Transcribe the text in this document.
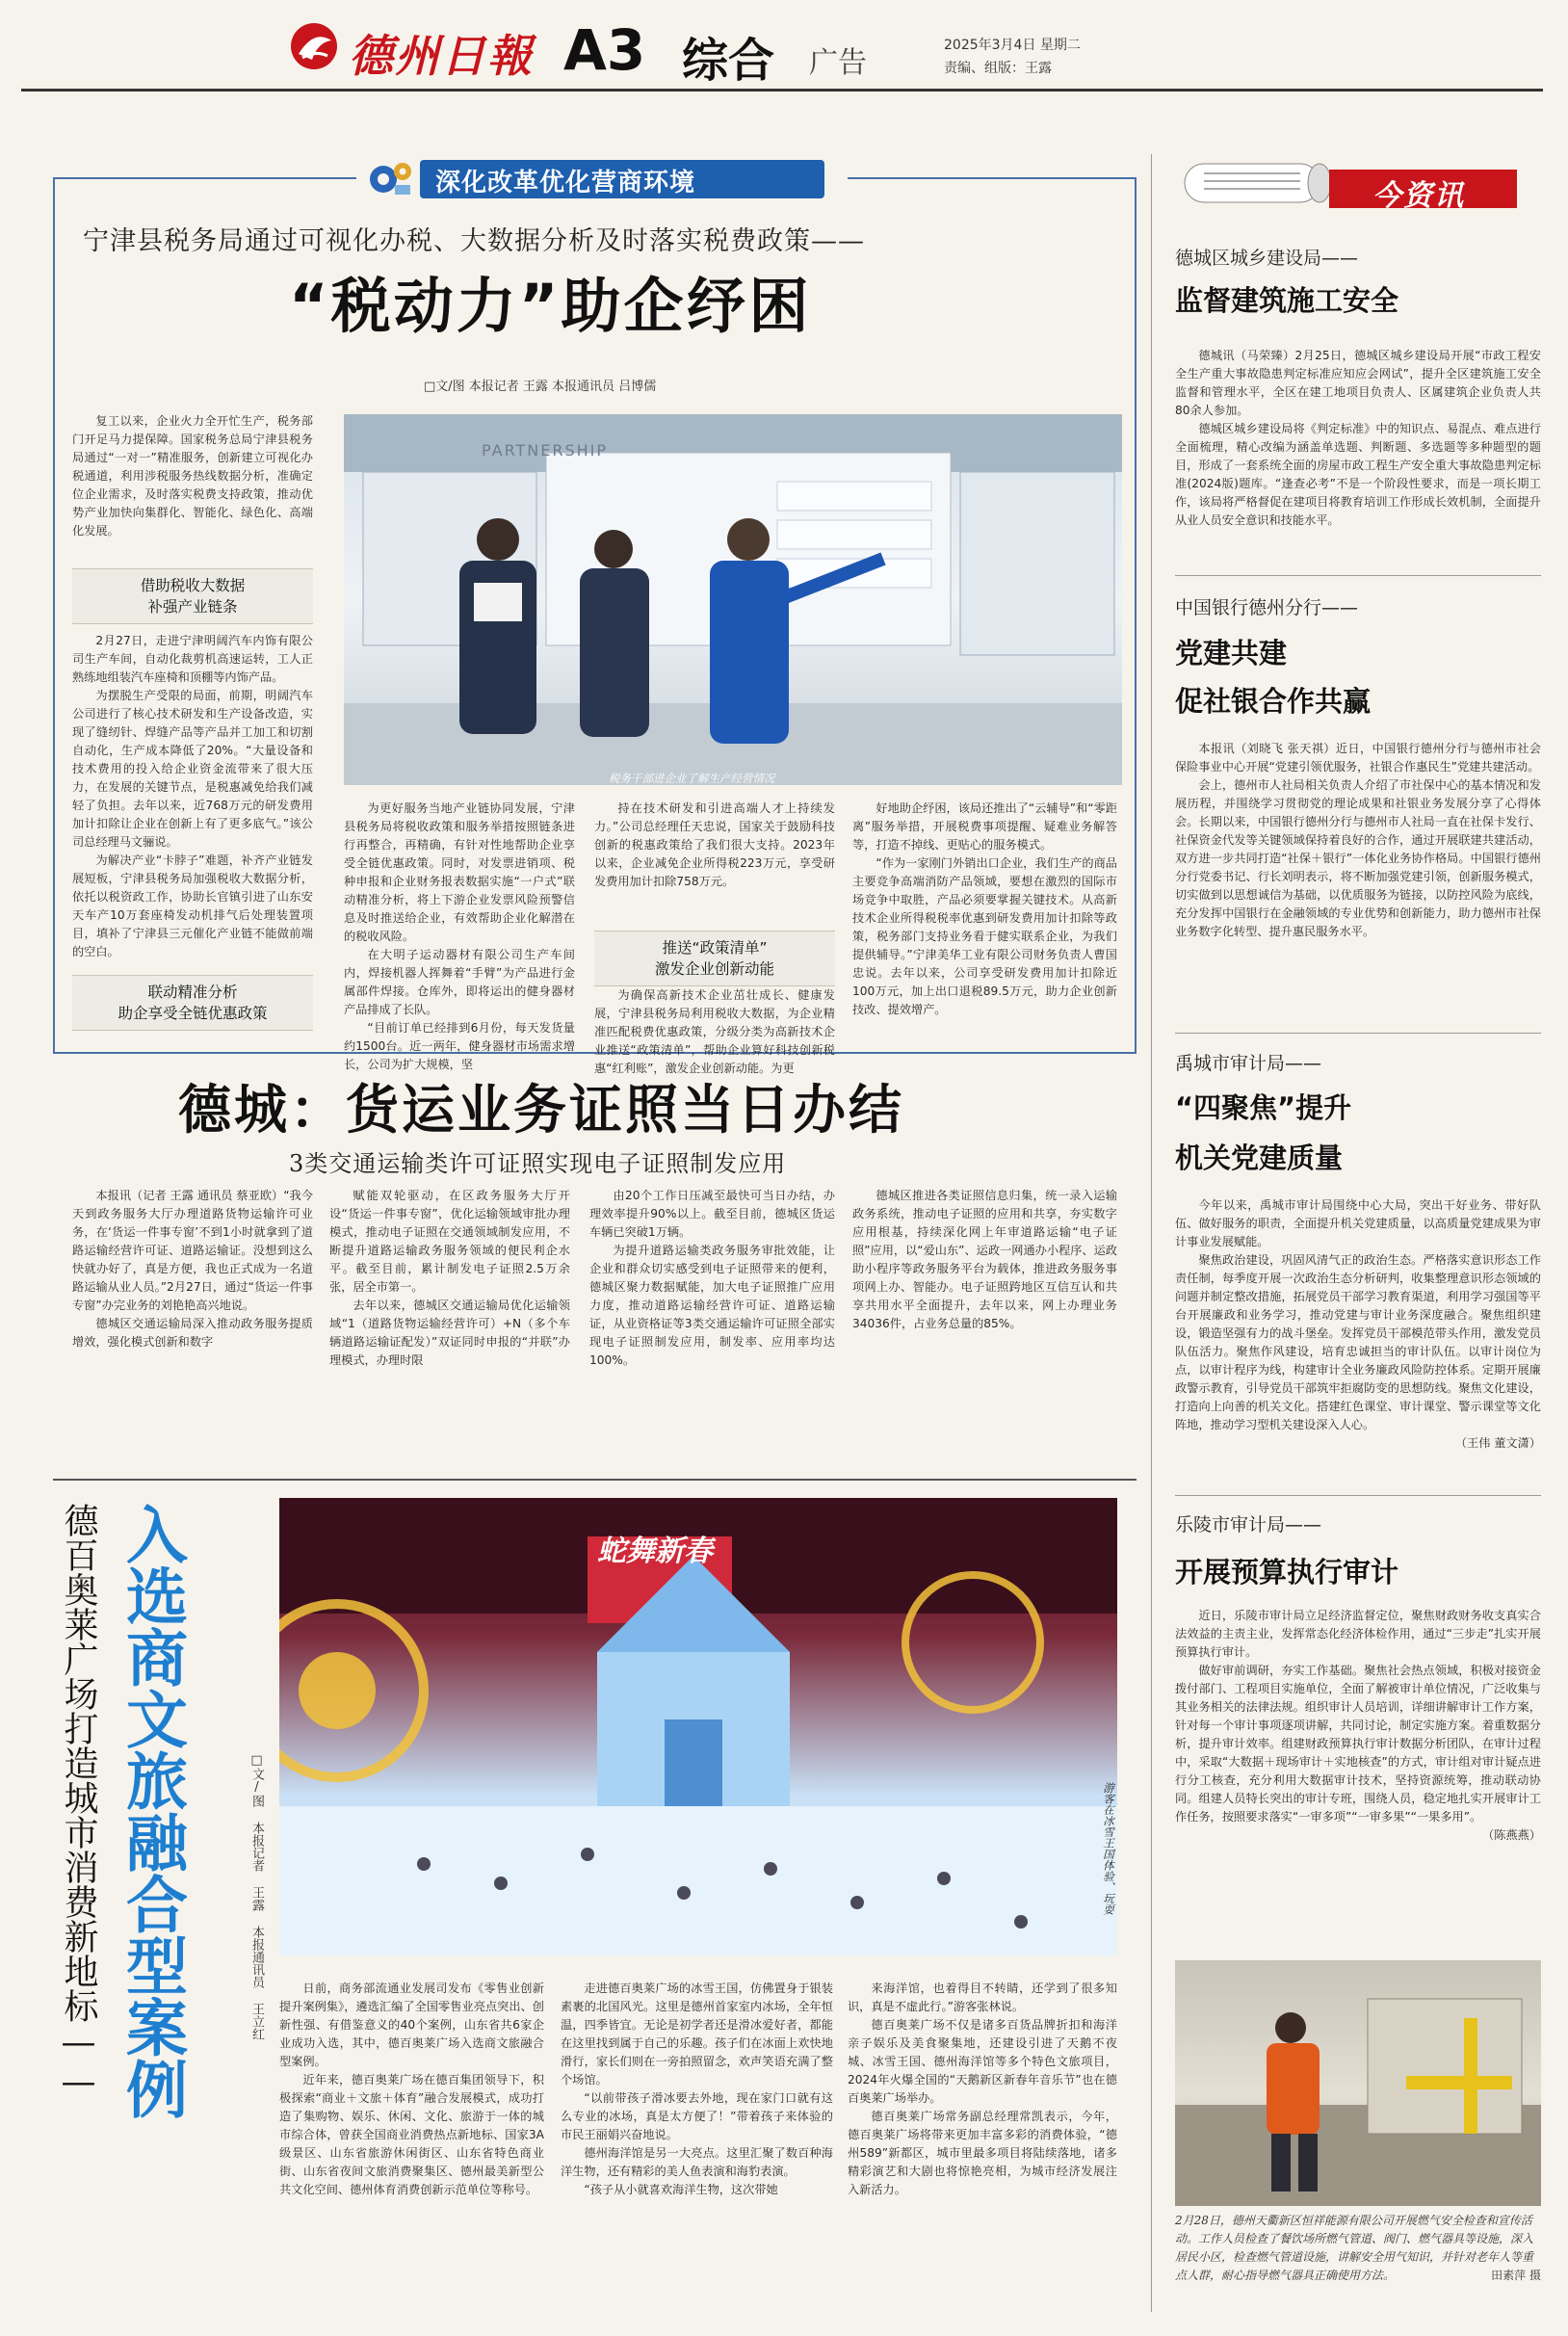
德州日報 A3 综合 广告
2025年3月4日 星期二
责编、组版：王露
深化改革优化营商环境
宁津县税务局通过可视化办税、大数据分析及时落实税费政策——
“税动力”助企纾困
□文/图 本报记者 王露 本报通讯员 吕博儒

复工以来，企业火力全开忙生产，税务部门开足马力提保障。国家税务总局宁津县税务局通过“一对一”精准服务，创新建立可视化办税通道，利用涉税服务热线数据分析，准确定位企业需求，及时落实税费支持政策，推动优势产业加快向集群化、智能化、绿色化、高端化发展。

借助税收大数据
补强产业链条

2月27日，走进宁津明阔汽车内饰有限公司生产车间，自动化裁剪机高速运转，工人正熟练地组装汽车座椅和顶棚等内饰产品。

为摆脱生产受限的局面，前期，明阔汽车公司进行了核心技术研发和生产设备改造，实现了缝纫针、焊缝产品等产品并工加工和切割自动化，生产成本降低了20%。“大量设备和技术费用的投入给企业资金流带来了很大压力，在发展的关键节点，是税惠减免给我们减轻了负担。去年以来，近768万元的研发费用加计扣除让企业在创新上有了更多底气。”该公司总经理马文骊说。

为解决产业“卡脖子”难题，补齐产业链发展短板，宁津县税务局加强税收大数据分析，依托以税资政工作，协助长官镇引进了山东安天车产10万套座椅发动机排气后处理装置项目，填补了宁津县三元催化产业链不能做前端的空白。

联动精准分析
助企享受全链优惠政策
PARTNERSHIP
税务干部进企业了解生产经营情况

为更好服务当地产业链协同发展，宁津县税务局将税收政策和服务举措按照链条进行再整合，再精确，有针对性地帮助企业享受全链优惠政策。同时，对发票进销项、税种申报和企业财务报表数据实施“一户式”联动精准分析，将上下游企业发票风险预警信息及时推送给企业，有效帮助企业化解潜在的税收风险。

在大明子运动器材有限公司生产车间内，焊接机器人挥舞着“手臂”为产品进行金属部件焊接。仓库外，即将运出的健身器材产品排成了长队。

“目前订单已经排到6月份，每天发货量约1500台。近一两年，健身器材市场需求增长，公司为扩大规模，坚

持在技术研发和引进高端人才上持续发力。”公司总经理任天忠说，国家关于鼓励科技创新的税惠政策给了我们很大支持。2023年以来，企业减免企业所得税223万元，享受研发费用加计扣除758万元。

推送“政策清单”
激发企业创新动能

为确保高新技术企业茁壮成长、健康发展，宁津县税务局利用税收大数据，为企业精准匹配税费优惠政策，分级分类为高新技术企业推送“政策清单”，帮助企业算好科技创新税惠“红利账”，激发企业创新动能。为更

好地助企纾困，该局还推出了“云辅导”和“零距离”服务举措，开展税费事项提醒、疑难业务解答等，打造不掉线、更贴心的服务模式。

“作为一家刚门外销出口企业，我们生产的商品主要竞争高端消防产品领域，要想在激烈的国际市场竞争中取胜，产品必须要掌握关键技术。从高新技术企业所得税税率优惠到研发费用加计扣除等政策，税务部门支持业务看于健实联系企业，为我们提供辅导。”宁津美华工业有限公司财务负责人曹国忠说。去年以来，公司享受研发费用加计扣除近100万元，加上出口退税89.5万元，助力企业创新技改、提效增产。

德城：货运业务证照当日办结
3类交通运输类许可证照实现电子证照制发应用

本报讯（记者 王露 通讯员 蔡亚欧）“我今天到政务服务大厅办理道路货物运输许可业务，在‘货运一件事专窗’不到1小时就拿到了道路运输经营许可证、道路运输证。没想到这么快就办好了，真是方便，我也正式成为一名道路运输从业人员。”2月27日，通过“货运一件事专窗”办完业务的刘艳艳高兴地说。

德城区交通运输局深入推动政务服务提质增效，强化模式创新和数字

赋能双轮驱动，在区政务服务大厅开设“货运一件事专窗”，优化运输领域审批办理模式，推动电子证照在交通领域制发应用，不断提升道路运输政务服务领域的便民利企水平。截至目前，累计制发电子证照2.5万余张，居全市第一。

去年以来，德城区交通运输局优化运输领域“1（道路货物运输经营许可）+N（多个车辆道路运输证配发）”双证同时申报的“并联”办理模式，办理时限

由20个工作日压减至最快可当日办结，办理效率提升90%以上。截至目前，德城区货运车辆已突破1万辆。

为提升道路运输类政务服务审批效能，让企业和群众切实感受到电子证照带来的便利，德城区聚力数据赋能，加大电子证照推广应用力度，推动道路运输经营许可证、道路运输证，从业资格证等3类交通运输许可证照全部实现电子证照制发应用，制发率、应用率均达100%。

德城区推进各类证照信息归集，统一录入运输政务系统，推动电子证照的应用和共享，夯实数字应用根基，持续深化网上年审道路运输“电子证照”应用，以“爱山东”、运政一网通办小程序、运政助小程序等政务服务平台为载体，推进政务服务事项网上办、智能办。电子证照跨地区互信互认和共享共用水平全面提升，去年以来，网上办理业务34036件，占业务总量的85%。

德百奥莱广场打造城市消费新地标—— 入选商文旅融合型案例	□文/图 本报记者 王露 本报通讯员 王立红
蛇舞新春
游客在冰雪王国体验、玩耍

日前，商务部流通业发展司发布《零售业创新提升案例集》，遴选汇编了全国零售业亮点突出、创新性强、有借鉴意义的40个案例，山东省共6家企业成功入选，其中，德百奥莱广场入选商文旅融合型案例。

近年来，德百奥莱广场在德百集团领导下，积极探索“商业＋文旅＋体育”融合发展模式，成功打造了集购物、娱乐、休闲、文化、旅游于一体的城市综合体，曾获全国商业消费热点新地标、国家3A级景区、山东省旅游休闲街区、山东省特色商业街、山东省夜间文旅消费聚集区、德州最美新型公共文化空间、德州体育消费创新示范单位等称号。

走进德百奥莱广场的冰雪王国，仿佛置身于银装素裹的北国风光。这里是德州首家室内冰场，全年恒温，四季皆宜。无论是初学者还是滑冰爱好者，都能在这里找到属于自己的乐趣。孩子们在冰面上欢快地滑行，家长们则在一旁拍照留念，欢声笑语充满了整个场馆。

“以前带孩子滑冰要去外地，现在家门口就有这么专业的冰场，真是太方便了！”带着孩子来体验的市民王丽娟兴奋地说。

德州海洋馆是另一大亮点。这里汇聚了数百种海洋生物，还有精彩的美人鱼表演和海豹表演。

“孩子从小就喜欢海洋生物，这次带她

来海洋馆，也着得目不转睛，还学到了很多知识，真是不虚此行。”游客张林说。

德百奥莱广场不仅是诸多百货品牌折扣和海洋亲子娱乐及美食聚集地，还建设引进了天鹅不夜城、冰雪王国、德州海洋馆等多个特色文旅项目，2024年火爆全国的“天鹅新区新春年音乐节”也在德百奥莱广场举办。

德百奥莱广场常务副总经理常凯表示，今年，德百奥莱广场将带来更加丰富多彩的消费体验，“德州589”新都区，城市里最多项目将陆续落地，诸多精彩演艺和大剧也将惊艳亮相，为城市经济发展注入新活力。

今资讯
德城区城乡建设局——
监督建筑施工安全

德城讯（马荣臻）2月25日，德城区城乡建设局开展“市政工程安全生产重大事故隐患判定标准应知应会网试”，提升全区建筑施工安全监督和管理水平，全区在建工地项目负责人、区属建筑企业负责人共80余人参加。

德城区城乡建设局将《判定标准》中的知识点、易混点、难点进行全面梳理，精心改编为涵盖单选题、判断题、多选题等多种题型的题目，形成了一套系统全面的房屋市政工程生产安全重大事故隐患判定标准(2024版)题库。“逢查必考”不是一个阶段性要求，而是一项长期工作，该局将严格督促在建项目将教育培训工作形成长效机制，全面提升从业人员安全意识和技能水平。

中国银行德州分行——
党建共建
促社银合作共赢

本报讯（刘晓飞 张天祺）近日，中国银行德州分行与德州市社会保险事业中心开展“党建引领优服务，社银合作惠民生”党建共建活动。

会上，德州市人社局相关负责人介绍了市社保中心的基本情况和发展历程，并围绕学习贯彻党的理论成果和社银业务发展分享了心得体会。长期以来，中国银行德州分行与德州市人社局一直在社保卡发行、社保资金代发等关键领域保持着良好的合作，通过开展联建共建活动，双方进一步共同打造“社保＋银行”一体化业务协作格局。中国银行德州分行党委书记、行长刘明表示，将不断加强党建引领，创新服务模式，切实做到以思想诚信为基础，以优质服务为链接，以防控风险为底线，充分发挥中国银行在金融领域的专业优势和创新能力，助力德州市社保业务数字化转型、提升惠民服务水平。

禹城市审计局——
“四聚焦”提升
机关党建质量

今年以来，禹城市审计局围绕中心大局，突出干好业务、带好队伍、做好服务的职责，全面提升机关党建质量，以高质量党建成果为审计事业发展赋能。

聚焦政治建设，巩固风清气正的政治生态。严格落实意识形态工作责任制，每季度开展一次政治生态分析研判，收集整理意识形态领域的问题并制定整改措施，拓展党员干部学习教育渠道，利用学习强国等平台开展廉政和业务学习，推动党建与审计业务深度融合。聚焦组织建设，锻造坚强有力的战斗堡垒。发挥党员干部模范带头作用，激发党员队伍活力。聚焦作风建设，培育忠诚担当的审计队伍。以审计岗位为点，以审计程序为线，构建审计全业务廉政风险防控体系。定期开展廉政警示教育，引导党员干部筑牢拒腐防变的思想防线。聚焦文化建设，打造向上向善的机关文化。搭建红色课堂、审计课堂、警示课堂等文化阵地，推动学习型机关建设深入人心。

（王伟 董文潇）
乐陵市审计局——
开展预算执行审计

近日，乐陵市审计局立足经济监督定位，聚焦财政财务收支真实合法效益的主责主业，发挥常态化经济体检作用，通过“三步走”扎实开展预算执行审计。

做好审前调研，夯实工作基础。聚焦社会热点领域，积极对接资金拨付部门、工程项目实施单位，全面了解被审计单位情况，广泛收集与其业务相关的法律法规。组织审计人员培训，详细讲解审计工作方案，针对每一个审计事项逐项讲解，共同讨论，制定实施方案。着重数据分析，提升审计效率。组建财政预算执行审计数据分析团队，在审计过程中，采取“大数据＋现场审计＋实地核查”的方式，审计组对审计疑点进行分工核查，充分利用大数据审计技术，坚持资源统筹，推动联动协同。组建人员特长突出的审计专班，围绕人员，稳定地扎实开展审计工作任务，按照要求落实“一审多项”“一审多果”“一果多用”。

（陈燕燕）
2月28日，德州天衢新区恒祥能源有限公司开展燃气安全检查和宣传活动。工作人员检查了餐饮场所燃气管道、阀门、燃气器具等设施，深入居民小区，检查燃气管道设施，讲解安全用气知识，并针对老年人等重点人群，耐心指导燃气器具正确使用方法。	田素萍 摄
